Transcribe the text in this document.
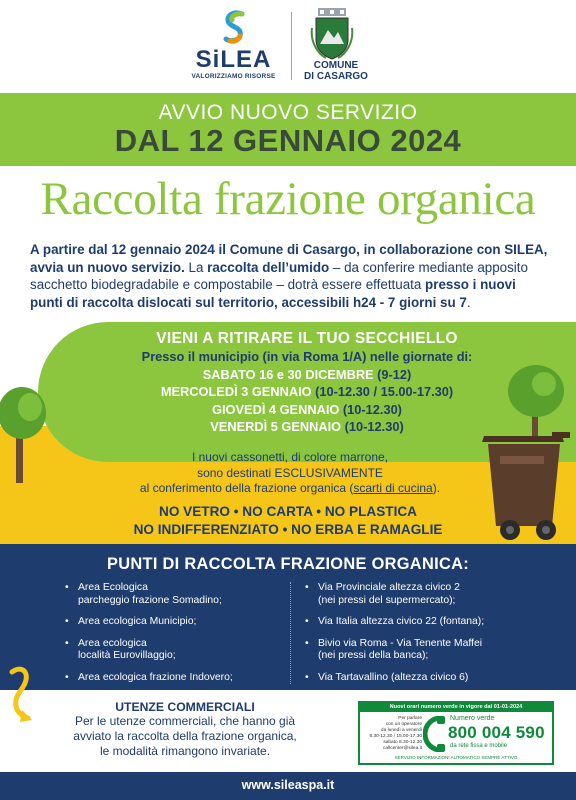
SiLEA
VALORIZZIAMO RISORSE
COMUNE
DI CASARGO
AVVIO NUOVO SERVIZIO
DAL 12 GENNAIO 2024
Raccolta frazione organica
A partire dal 12 gennaio 2024 il Comune di Casargo, in collaborazione con SILEA, avvia un nuovo servizio. La raccolta dell’umido – da conferire mediante apposito sacchetto biodegradabile e compostabile – dotrà essere effettuata presso i nuovi punti di raccolta dislocati sul territorio, accessibili h24 - 7 giorni su 7.
VIENI A RITIRARE IL TUO SECCHIELLO
Presso il municipio (in via Roma 1/A) nelle giornate di:
SABATO 16 e 30 DICEMBRE (9-12)
MERCOLEDÌ 3 GENNAIO (10-12.30 / 15.00-17.30)
GIOVEDÌ 4 GENNAIO (10-12.30)
VENERDÌ 5 GENNAIO (10-12.30)
I nuovi cassonetti, di colore marrone,
sono destinati ESCLUSIVAMENTE
al conferimento della frazione organica (scarti di cucina).
NO VETRO • NO CARTA • NO PLASTICA
NO INDIFFERENZIATO • NO ERBA E RAMAGLIE
PUNTI DI RACCOLTA FRAZIONE ORGANICA:
• Area Ecologica
parcheggio frazione Somadino;
• Area ecologica Municipio;
• Area ecologica
località Eurovillaggio;
• Area ecologica frazione Indovero;
• Via Provinciale altezza civico 2
(nei pressi del supermercato);
• Via Italia altezza civico 22 (fontana);
• Bivio via Roma - Via Tenente Maffei
(nei pressi della banca);
• Via Tartavallino (altezza civico 6)
UTENZE COMMERCIALI
Per le utenze commerciali, che hanno già
avviato la raccolta della frazione organica,
le modalità rimangono invariate.
Nuovi orari numero verde in vigore dal 01-01-2024
Per parlare
con un operatore
da lunedì a venerdì
8.30-12.30 / 15.00-17.30
sabato 8.30-12.30
callcenter@silea.it
Numero verde
800 004 590
da rete fissa e mobile
SERVIZIO INFORMAZIONI AUTOMATICO SEMPRE ATTIVO
www.sileaspa.it
